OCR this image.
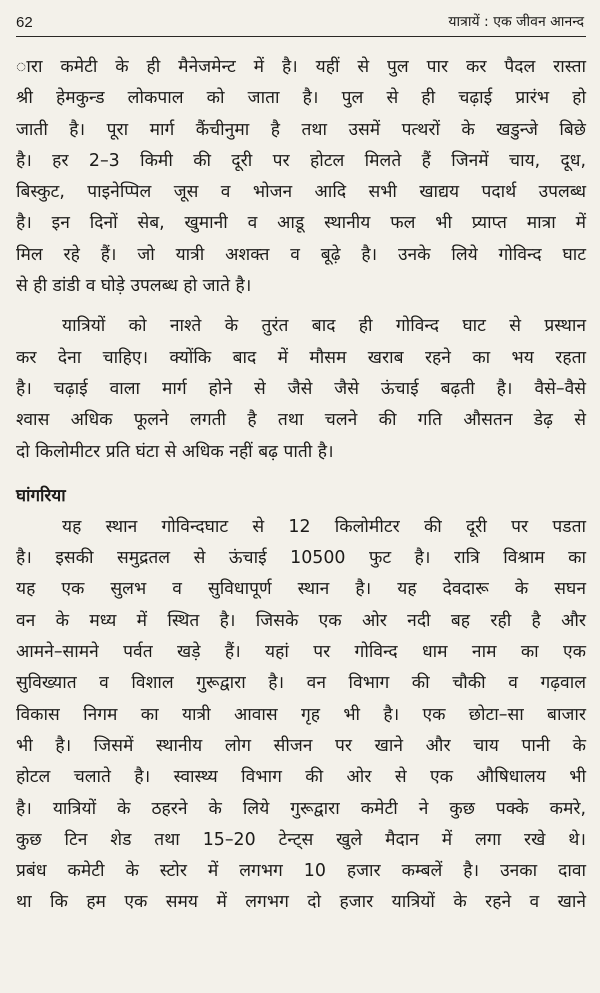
62	यात्रायें : एक जीवन आनन्द
ारा कमेटी के ही मैनेजमेन्ट में है। यहीं से पुल पार कर पैदल रास्ता
श्री हेमकुन्ड लोकपाल को जाता है। पुल से ही चढ़ाई प्रारंभ हो
जाती है। पूरा मार्ग कैंचीनुमा है तथा उसमें पत्थरों के खडुन्जे बिछे
है। हर 2–3 किमी की दूरी पर होटल मिलते हैं जिनमें चाय, दूध,
बिस्कुट, पाइनेप्पिल जूस व भोजन आदि सभी खाद्यय पदार्थ उपलब्ध
है। इन दिनों सेब, खुमानी व आडू स्थानीय फल भी प्र्याप्त मात्रा में
मिल रहे हैं। जो यात्री अशक्त व बूढ़े है। उनके लिये गोविन्द घाट
से ही डांडी व घोड़े उपलब्ध हो जाते है।
यात्रियों को नाश्ते के तुरंत बाद ही गोविन्द घाट से प्रस्थान
कर देना चाहिए। क्योंकि बाद में मौसम खराब रहने का भय रहता
है। चढ़ाई वाला मार्ग होने से जैसे जैसे ऊंचाई बढ़ती है। वैसे–वैसे
श्वास अधिक फूलने लगती है तथा चलने की गति औसतन डेढ़ से
दो किलोमीटर प्रति घंटा से अधिक नहीं बढ़ पाती है।
घांगरिया
यह स्थान गोविन्दघाट से 12 किलोमीटर की दूरी पर पडता
है। इसकी समुद्रतल से ऊंचाई 10500 फुट है। रात्रि विश्राम का
यह एक सुलभ व सुविधापूर्ण स्थान है। यह देवदारू के सघन
वन के मध्य में स्थित है। जिसके एक ओर नदी बह रही है और
आमने–सामने पर्वत खड़े हैं। यहां पर गोविन्द धाम नाम का एक
सुविख्यात व विशाल गुरूद्वारा है। वन विभाग की चौकी व गढ़वाल
विकास निगम का यात्री आवास गृह भी है। एक छोटा–सा बाजार
भी है। जिसमें स्थानीय लोग सीजन पर खाने और चाय पानी के
होटल चलाते है। स्वास्थ्य विभाग की ओर से एक औषिधालय भी
है। यात्रियों के ठहरने के लिये गुरूद्वारा कमेटी ने कुछ पक्के कमरे,
कुछ टिन शेड तथा 15–20 टेन्ट्स खुले मैदान में लगा रखे थे।
प्रबंध कमेटी के स्टोर में लगभग 10 हजार कम्बलें है। उनका दावा
था कि हम एक समय में लगभग दो हजार यात्रियों के रहने व खाने
